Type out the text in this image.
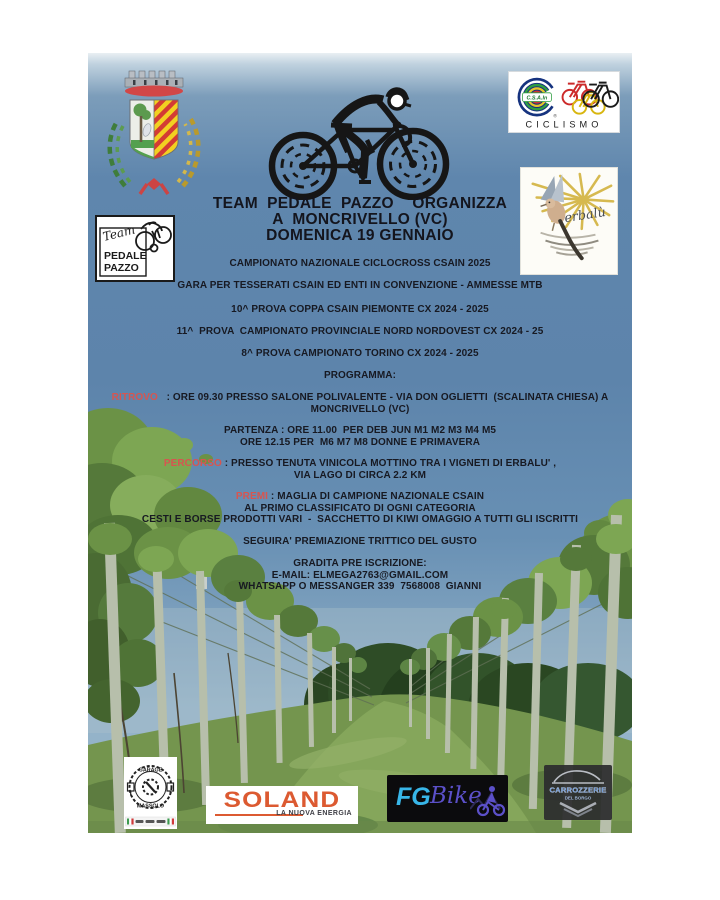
C.S.A.In
®
CICLISMO
erbalù
Team
PEDALE
PAZZO
TEAM  PEDALE  PAZZO    ORGANIZZA
A  MONCRIVELLO (VC)
DOMENICA 19 GENNAIO
CAMPIONATO NAZIONALE CICLOCROSS CSAIN 2025
GARA PER TESSERATI CSAIN ED ENTI IN CONVENZIONE - AMMESSE MTB
10^ PROVA COPPA CSAIN PIEMONTE CX 2024 - 2025
11^  PROVA  CAMPIONATO PROVINCIALE NORD NORDOVEST CX 2024 - 25
8^ PROVA CAMPIONATO TORINO CX 2024 - 2025
PROGRAMMA:
RITROVO   : ORE 09.30 PRESSO SALONE POLIVALENTE - VIA DON OGLIETTI  (SCALINATA CHIESA) A
MONCRIVELLO (VC)
PARTENZA : ORE 11.00  PER DEB JUN M1 M2 M3 M4 M5
ORE 12.15 PER  M6 M7 M8 DONNE E PRIMAVERA
PERCORSO : PRESSO TENUTA VINICOLA MOTTINO TRA I VIGNETI DI ERBALU' ,
VIA LAGO DI CIRCA 2.2 KM
PREMI : MAGLIA DI CAMPIONE NAZIONALE CSAIN
AL PRIMO CLASSIFICATO DI OGNI CATEGORIA
CESTI E BORSE PRODOTTI VARI  -  SACCHETTO DI KIWI OMAGGIO A TUTTI GLI ISCRITTI
SEGUIRA' PREMIAZIONE TRITTICO DEL GUSTO
GRADITA PRE ISCRIZIONE:
E-MAIL: ELMEGA2763@GMAIL.COM
WHATSAPP O MESSANGER 339  7568008  GIANNI
GARAGE
MASSOLO	SOLAND
LA NUOVA ENERGIA
FG Bike	CARROZZERIE
DEL BORGO
